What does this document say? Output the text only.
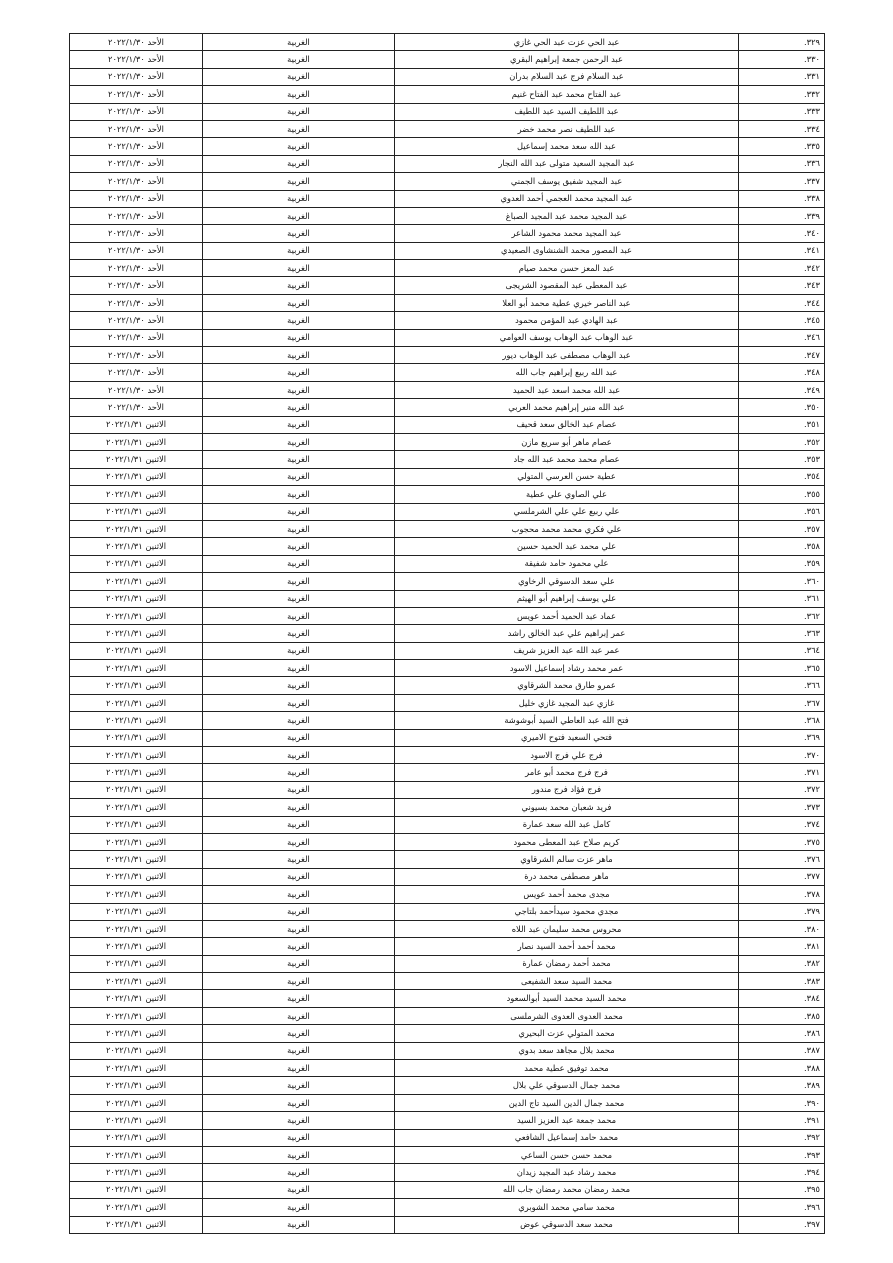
٣٢٩.	عبد الحي عزت عبد الحي غازي	الغربية	الأحد ٢٠٢٢/١/٣٠
٣٣٠.	عبد الرحمن جمعة إبراهيم البقري	الغربية	الأحد ٢٠٢٢/١/٣٠
٣٣١.	عبد السلام فرج عبد السلام بدران	الغربية	الأحد ٢٠٢٢/١/٣٠
٣٣٢.	عبد الفتاح محمد عبد الفتاح غنيم	الغربية	الأحد ٢٠٢٢/١/٣٠
٣٣٣.	عبد اللطيف السيد عبد اللطيف	الغربية	الأحد ٢٠٢٢/١/٣٠
٣٣٤.	عبد اللطيف نصر محمد خضر	الغربية	الأحد ٢٠٢٢/١/٣٠
٣٣٥.	عبد الله سعد محمد إسماعيل	الغربية	الأحد ٢٠٢٢/١/٣٠
٣٣٦.	عبد المجيد السعيد متولى عبد الله النجار	الغربية	الأحد ٢٠٢٢/١/٣٠
٣٣٧.	عبد المجيد شفيق يوسف الجمني	الغربية	الأحد ٢٠٢٢/١/٣٠
٣٣٨.	عبد المجيد محمد العجمي أحمد العدوي	الغربية	الأحد ٢٠٢٢/١/٣٠
٣٣٩.	عبد المجيد محمد عبد المجيد الصباغ	الغربية	الأحد ٢٠٢٢/١/٣٠
٣٤٠.	عبد المجيد محمد محمود الشاعر	الغربية	الأحد ٢٠٢٢/١/٣٠
٣٤١.	عبد المصور محمد الشنشاوى الصعيدي	الغربية	الأحد ٢٠٢٢/١/٣٠
٣٤٢.	عبد المعز حسن محمد صيام	الغربية	الأحد ٢٠٢٢/١/٣٠
٣٤٣.	عبد المعطى عبد المقصود الشريجى	الغربية	الأحد ٢٠٢٢/١/٣٠
٣٤٤.	عبد الناصر خيري عطية محمد أبو العلا	الغربية	الأحد ٢٠٢٢/١/٣٠
٣٤٥.	عبد الهادي عبد المؤمن محمود	الغربية	الأحد ٢٠٢٢/١/٣٠
٣٤٦.	عبد الوهاب عبد الوهاب يوسف العوامي	الغربية	الأحد ٢٠٢٢/١/٣٠
٣٤٧.	عبد الوهاب مصطفى عبد الوهاب ديور	الغربية	الأحد ٢٠٢٢/١/٣٠
٣٤٨.	عبد الله ربيع إبراهيم جاب الله	الغربية	الأحد ٢٠٢٢/١/٣٠
٣٤٩.	عبد الله محمد اسعد عبد الحميد	الغربية	الأحد ٢٠٢٢/١/٣٠
٣٥٠.	عبد الله منير إبراهيم محمد العربي	الغربية	الأحد ٢٠٢٢/١/٣٠
٣٥١.	عصام عبد الخالق سعد قحيف	الغربية	الاثنين ٢٠٢٢/١/٣١
٣٥٢.	عصام ماهر أبو سريع مازن	الغربية	الاثنين ٢٠٢٢/١/٣١
٣٥٣.	عصام محمد محمد عبد الله جاد	الغربية	الاثنين ٢٠٢٢/١/٣١
٣٥٤.	عطية حسن العرسي المتولي	الغربية	الاثنين ٢٠٢٢/١/٣١
٣٥٥.	علي الصاوي علي عطية	الغربية	الاثنين ٢٠٢٢/١/٣١
٣٥٦.	علي ربيع علي علي الشرملسي	الغربية	الاثنين ٢٠٢٢/١/٣١
٣٥٧.	علي فكري محمد محمد محجوب	الغربية	الاثنين ٢٠٢٢/١/٣١
٣٥٨.	علي محمد عبد الحميد حسين	الغربية	الاثنين ٢٠٢٢/١/٣١
٣٥٩.	علي محمود حامد شفيقة	الغربية	الاثنين ٢٠٢٢/١/٣١
٣٦٠.	علي سعد الدسوقي الرخاوي	الغربية	الاثنين ٢٠٢٢/١/٣١
٣٦١.	علي يوسف إبراهيم أبو الهيثم	الغربية	الاثنين ٢٠٢٢/١/٣١
٣٦٢.	عماد عبد الحميد أحمد عويس	الغربية	الاثنين ٢٠٢٢/١/٣١
٣٦٣.	عمر إبراهيم علي عبد الخالق راشد	الغربية	الاثنين ٢٠٢٢/١/٣١
٣٦٤.	عمر عبد الله عبد العزيز شريف	الغربية	الاثنين ٢٠٢٢/١/٣١
٣٦٥.	عمر محمد رشاد إسماعيل الاسود	الغربية	الاثنين ٢٠٢٢/١/٣١
٣٦٦.	عمرو طارق محمد الشرقاوي	الغربية	الاثنين ٢٠٢٢/١/٣١
٣٦٧.	غازي عبد المجيد غازي خليل	الغربية	الاثنين ٢٠٢٢/١/٣١
٣٦٨.	فتح الله عبد العاطي السيد أبوشوشة	الغربية	الاثنين ٢٠٢٢/١/٣١
٣٦٩.	فتحي السعيد فتوح الاميري	الغربية	الاثنين ٢٠٢٢/١/٣١
٣٧٠.	فرج علي فرج الاسود	الغربية	الاثنين ٢٠٢٢/١/٣١
٣٧١.	فرج فرج محمد أبو عامر	الغربية	الاثنين ٢٠٢٢/١/٣١
٣٧٢.	فرج فؤاد فرج مندور	الغربية	الاثنين ٢٠٢٢/١/٣١
٣٧٣.	فريد شعبان محمد بسيوني	الغربية	الاثنين ٢٠٢٢/١/٣١
٣٧٤.	كامل عبد الله سعد عمارة	الغربية	الاثنين ٢٠٢٢/١/٣١
٣٧٥.	كريم صلاح عبد المعطى محمود	الغربية	الاثنين ٢٠٢٢/١/٣١
٣٧٦.	ماهر عزت سالم الشرقاوي	الغربية	الاثنين ٢٠٢٢/١/٣١
٣٧٧.	ماهر مصطفى محمد درة	الغربية	الاثنين ٢٠٢٢/١/٣١
٣٧٨.	مجدى محمد أحمد عويس	الغربية	الاثنين ٢٠٢٢/١/٣١
٣٧٩.	مجدي محمود سيدأحمد بلتاجي	الغربية	الاثنين ٢٠٢٢/١/٣١
٣٨٠.	محروس محمد سليمان عبد اللاه	الغربية	الاثنين ٢٠٢٢/١/٣١
٣٨١.	محمد أحمد أحمد السيد نصار	الغربية	الاثنين ٢٠٢٢/١/٣١
٣٨٢.	محمد أحمد رمضان عمارة	الغربية	الاثنين ٢٠٢٢/١/٣١
٣٨٣.	محمد السيد سعد الشفيعى	الغربية	الاثنين ٢٠٢٢/١/٣١
٣٨٤.	محمد السيد محمد السيد أبوالسعود	الغربية	الاثنين ٢٠٢٢/١/٣١
٣٨٥.	محمد العدوى العدوى الشرملسى	الغربية	الاثنين ٢٠٢٢/١/٣١
٣٨٦.	محمد المتولي عزت البحيري	الغربية	الاثنين ٢٠٢٢/١/٣١
٣٨٧.	محمد بلال مجاهد سعد بدوي	الغربية	الاثنين ٢٠٢٢/١/٣١
٣٨٨.	محمد توفيق عطية محمد	الغربية	الاثنين ٢٠٢٢/١/٣١
٣٨٩.	محمد جمال الدسوقي علي بلال	الغربية	الاثنين ٢٠٢٢/١/٣١
٣٩٠.	محمد جمال الدين السيد تاج الدين	الغربية	الاثنين ٢٠٢٢/١/٣١
٣٩١.	محمد جمعة عبد العزيز السيد	الغربية	الاثنين ٢٠٢٢/١/٣١
٣٩٢.	محمد حامد إسماعيل الشافعي	الغربية	الاثنين ٢٠٢٢/١/٣١
٣٩٣.	محمد حسن حسن الساعي	الغربية	الاثنين ٢٠٢٢/١/٣١
٣٩٤.	محمد رشاد عبد المجيد زيدان	الغربية	الاثنين ٢٠٢٢/١/٣١
٣٩٥.	محمد رمضان محمد رمضان جاب الله	الغربية	الاثنين ٢٠٢٢/١/٣١
٣٩٦.	محمد سامي محمد الشوبري	الغربية	الاثنين ٢٠٢٢/١/٣١
٣٩٧.	محمد سعد الدسوقي عوض	الغربية	الاثنين ٢٠٢٢/١/٣١
